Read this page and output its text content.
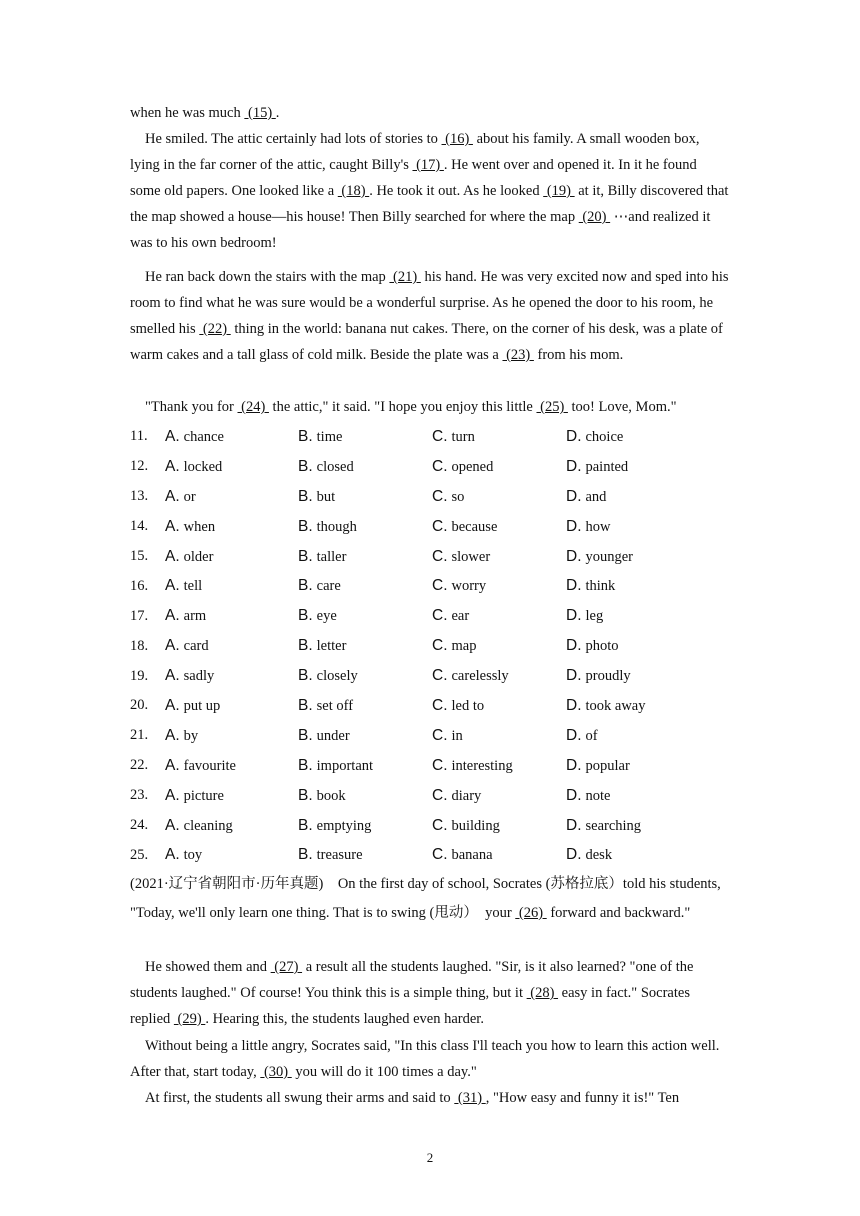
when he was much  (15) .
He smiled. The attic certainly had lots of stories to  (16)  about his family. A small wooden box, lying in the far corner of the attic, caught Billy's  (17) . He went over and opened it. In it he found some old papers. One looked like a  (18) . He took it out. As he looked  (19)  at it, Billy discovered that the map showed a house—his house! Then Billy searched for where the map  (20)  ⋯and realized it was to his own bedroom!
He ran back down the stairs with the map  (21)  his hand. He was very excited now and sped into his room to find what he was sure would be a wonderful surprise. As he opened the door to his room, he smelled his  (22)  thing in the world: banana nut cakes. There, on the corner of his desk, was a plate of warm cakes and a tall glass of cold milk. Beside the plate was a  (23)  from his mom.
"Thank you for  (24)  the attic," it said. "I hope you enjoy this little  (25)  too! Love, Mom."
11.	A. chance	B. time	C. turn	D. choice
12.	A. locked	B. closed	C. opened	D. painted
13.	A. or	B. but	C. so	D. and
14.	A. when	B. though	C. because	D. how
15.	A. older	B. taller	C. slower	D. younger
16.	A. tell	B. care	C. worry	D. think
17.	A. arm	B. eye	C. ear	D. leg
18.	A. card	B. letter	C. map	D. photo
19.	A. sadly	B. closely	C. carelessly	D. proudly
20.	A. put up	B. set off	C. led to	D. took away
21.	A. by	B. under	C. in	D. of
22.	A. favourite	B. important	C. interesting	D. popular
23.	A. picture	B. book	C. diary	D. note
24.	A. cleaning	B. emptying	C. building	D. searching
25.	A. toy	B. treasure	C. banana	D. desk
(2021·辽宁省朝阳市·历年真题)    On the first day of school, Socrates (苏格拉底）told his students, "Today, we'll only learn one thing. That is to swing (甩动）  your  (26)  forward and backward."
He showed them and  (27)  a result all the students laughed. "Sir, is it also learned? "one of the students laughed." Of course! You think this is a simple thing, but it  (28)  easy in fact." Socrates replied  (29) . Hearing this, the students laughed even harder.
Without being a little angry, Socrates said, "In this class I'll teach you how to learn this action well. After that, start today,  (30)  you will do it 100 times a day."
At first, the students all swung their arms and said to  (31) , "How easy and funny it is!" Ten
2
